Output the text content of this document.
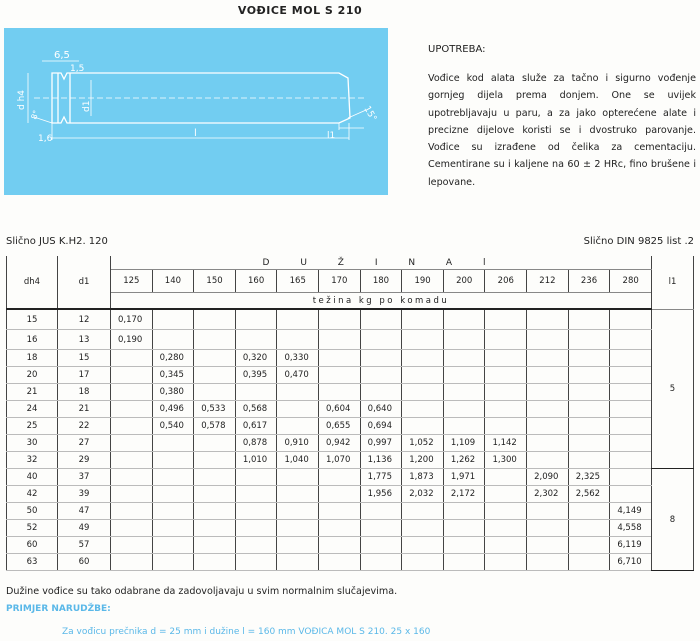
VOĐICE MOL S 210
6,5
1,5
d h4	d1
8°
1,6
15°
l1
l
UPOTREBA:
Vođice kod alata služe za tačno i sigurno vođenje gornjeg dijela prema donjem. One se uvijek upotrebljavaju u paru, a za jako opterećene alate i precizne dijelove koristi se i dvostruko parovanje. Vođice su izrađene od čelika za cementaciju. Cementirane su i kaljene na 60 ± 2 HRc, fino brušene i lepovane.
Slično JUS K.H2. 120	Slično DIN 9825 list .2
dh4	d1	D U Ž I N A l													l1
		125	140	150	160	165	170	180	190	200	206	212	236	280	
		težina kg po komadu													
15	12	0,170													5
16	13	0,190													
18	15		0,280		0,320	0,330									
20	17		0,345		0,395	0,470									
21	18		0,380												
24	21		0,496	0,533	0,568		0,604	0,640							
25	22		0,540	0,578	0,617		0,655	0,694							
30	27				0,878	0,910	0,942	0,997	1,052	1,109	1,142				
32	29				1,010	1,040	1,070	1,136	1,200	1,262	1,300				
40	37							1,775	1,873	1,971		2,090	2,325		8
42	39							1,956	2,032	2,172		2,302	2,562		
50	47													4,149	
52	49													4,558	
60	57													6,119	
63	60													6,710	
Dužine vođice su tako odabrane da zadovoljavaju u svim normalnim slučajevima.
PRIMJER NARUDŽBE:
Za vođicu prečnika d = 25 mm i dužine l = 160 mm VOĐICA MOL S 210. 25 x 160
